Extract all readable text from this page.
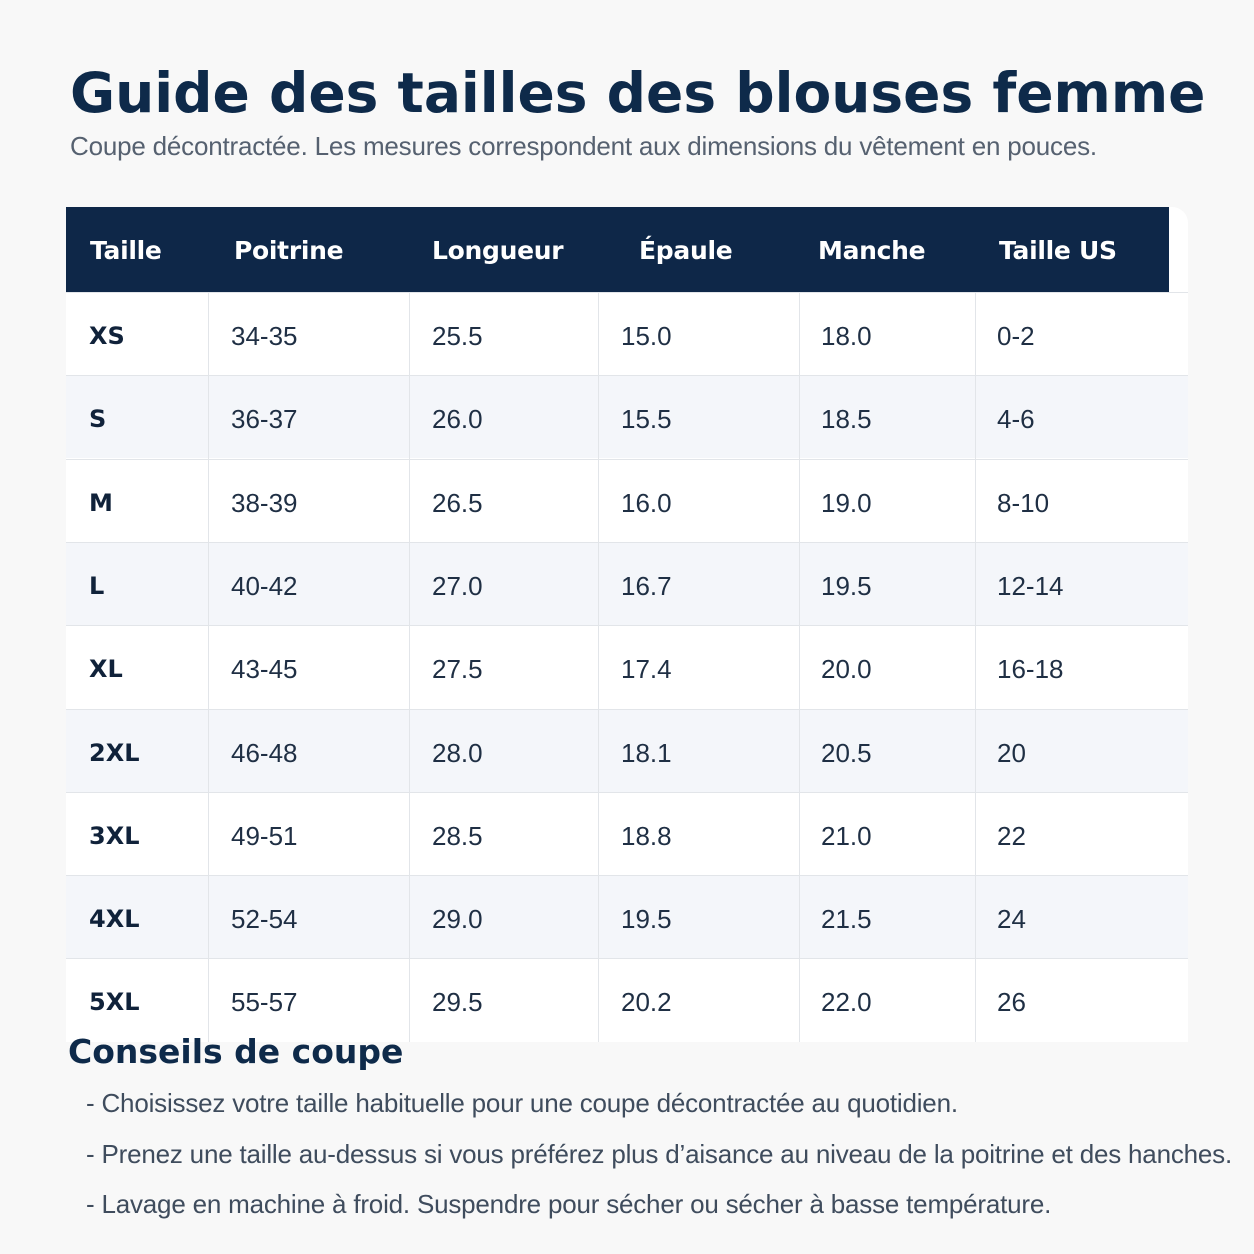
Guide des tailles des blouses femme

Coupe décontractée. Les mesures correspondent aux dimensions du vêtement en pouces.

Taille	Poitrine	Longueur	Épaule	Manche	Taille US
XS	34-35	25.5	15.0	18.0	0-2
S	36-37	26.0	15.5	18.5	4-6
M	38-39	26.5	16.0	19.0	8-10
L	40-42	27.0	16.7	19.5	12-14
XL	43-45	27.5	17.4	20.0	16-18
2XL	46-48	28.0	18.1	20.5	20
3XL	49-51	28.5	18.8	21.0	22
4XL	52-54	29.0	19.5	21.5	24
5XL	55-57	29.5	20.2	22.0	26
Conseils de coupe
- Choisissez votre taille habituelle pour une coupe décontractée au quotidien.
- Prenez une taille au-dessus si vous préférez plus d’aisance au niveau de la poitrine et des hanches.
- Lavage en machine à froid. Suspendre pour sécher ou sécher à basse température.
